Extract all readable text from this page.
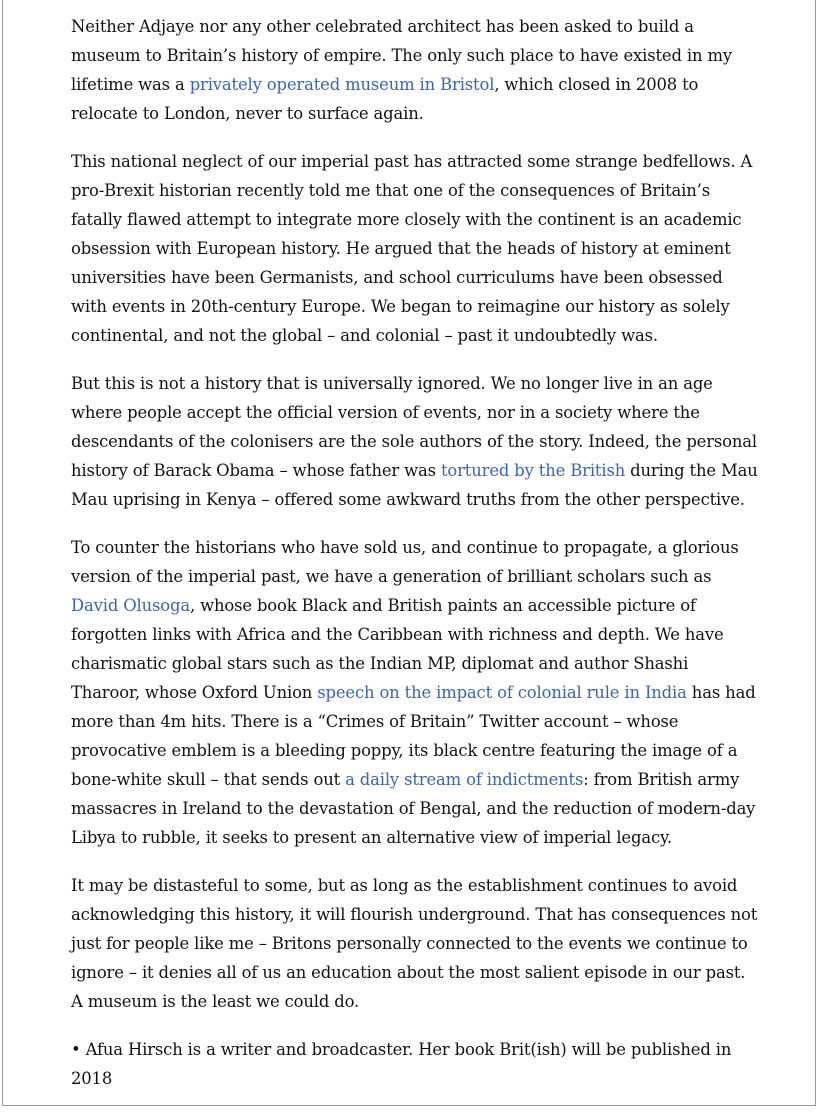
Neither Adjaye nor any other celebrated architect has been asked to build a museum to Britain’s history of empire. The only such place to have existed in my lifetime was a privately operated museum in Bristol, which closed in 2008 to relocate to London, never to surface again.

This national neglect of our imperial past has attracted some strange bedfellows. A pro-Brexit historian recently told me that one of the consequences of Britain’s fatally flawed attempt to integrate more closely with the continent is an academic obsession with European history. He argued that the heads of history at eminent universities have been Germanists, and school curriculums have been obsessed with events in 20th-century Europe. We began to reimagine our history as solely continental, and not the global – and colonial – past it undoubtedly was.

But this is not a history that is universally ignored. We no longer live in an age where people accept the official version of events, nor in a society where the descendants of the colonisers are the sole authors of the story. Indeed, the personal history of Barack Obama – whose father was tortured by the British during the Mau Mau uprising in Kenya – offered some awkward truths from the other perspective.

To counter the historians who have sold us, and continue to propagate, a glorious version of the imperial past, we have a generation of brilliant scholars such as David Olusoga, whose book Black and British paints an accessible picture of forgotten links with Africa and the Caribbean with richness and depth. We have charismatic global stars such as the Indian MP, diplomat and author Shashi Tharoor, whose Oxford Union speech on the impact of colonial rule in India has had more than 4m hits. There is a “Crimes of Britain” Twitter account – whose provocative emblem is a bleeding poppy, its black centre featuring the image of a bone-white skull – that sends out a daily stream of indictments: from British army massacres in Ireland to the devastation of Bengal, and the reduction of modern-day Libya to rubble, it seeks to present an alternative view of imperial legacy.

It may be distasteful to some, but as long as the establishment continues to avoid acknowledging this history, it will flourish underground. That has consequences not just for people like me – Britons personally connected to the events we continue to ignore – it denies all of us an education about the most salient episode in our past. A museum is the least we could do.

• Afua Hirsch is a writer and broadcaster. Her book Brit(ish) will be published in 2018
